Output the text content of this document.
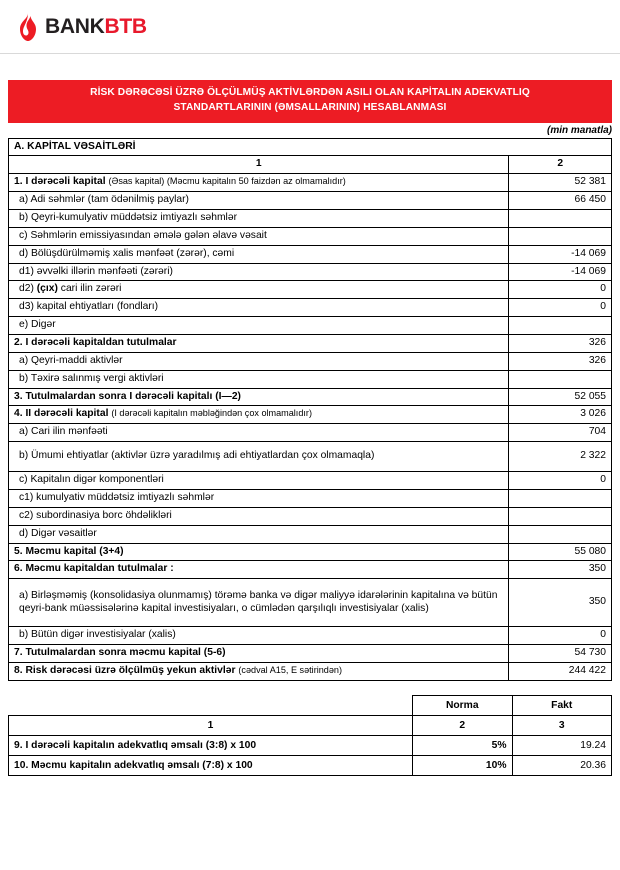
BANKBTB
RİSK DƏRƏCƏSİ ÜZRƏ ÖLÇÜLMÜŞ AKTİVLƏRDƏN ASILI OLAN KAPİTALIN ADEKVATLIQ
STANDARTLARININ (ƏMSALLARININ) HESABLANMASI
(min manatla)
A. KAPİTAL VƏSAİTLƏRİ	
1	2
1. I dərəcəli kapital (Əsas kapital) (Məcmu kapitalın 50 faizdən az olmamalıdır)	52 381
a) Adi səhmlər (tam ödənilmiş paylar)	66 450
b) Qeyri-kumulyativ müddətsiz imtiyazlı səhmlər	
c) Səhmlərin emissiyasından əmələ gələn əlavə vəsait	
d) Bölüşdürülməmiş xalis mənfəət (zərər), cəmi	-14 069
d1) əvvəlki illərin mənfəəti (zərəri)	-14 069
d2) (çıx) cari ilin zərəri	0
d3) kapital ehtiyatları (fondları)	0
e) Digər	
2. I dərəcəli kapitaldan tutulmalar	326
a) Qeyri-maddi aktivlər	326
b) Təxirə salınmış vergi aktivləri	
3. Tutulmalardan sonra I dərəcəli kapitalı (I—2)	52 055
4. II dərəcəli kapital (I dərəcəli kapitalın məbləğindən çox olmamalıdır)	3 026
a) Cari ilin mənfəəti	704
b) Ümumi ehtiyatlar (aktivlər üzrə yaradılmış adi ehtiyatlardan çox olmamaqla)	2 322
c) Kapitalın digər komponentləri	0
c1) kumulyativ müddətsiz imtiyazlı səhmlər	
c2) subordinasiya borc öhdəlikləri	
d) Digər vəsaitlər	
5. Məcmu kapital (3+4)	55 080
6. Məcmu kapitaldan tutulmalar :	350
a) Birləşməmiş (konsolidasiya olunmamış) törəmə banka və digər maliyyə idarələrinin kapitalına və bütün qeyri-bank müəssisələrinə kapital investisiyaları, o cümlədən qarşılıqlı investisiyalar (xalis)	350
b) Bütün digər investisiyalar (xalis)	0
7. Tutulmalardan sonra məcmu kapital (5-6)	54 730
8. Risk dərəcəsi üzrə ölçülmüş yekun aktivlər (cədval A15, E sətirindən)	244 422
	Norma	Fakt
1	2	3
9. I dərəcəli kapitalın adekvatlıq əmsalı (3:8) x 100	5%	19.24
10. Məcmu kapitalın adekvatlıq əmsalı (7:8) x 100	10%	20.36
